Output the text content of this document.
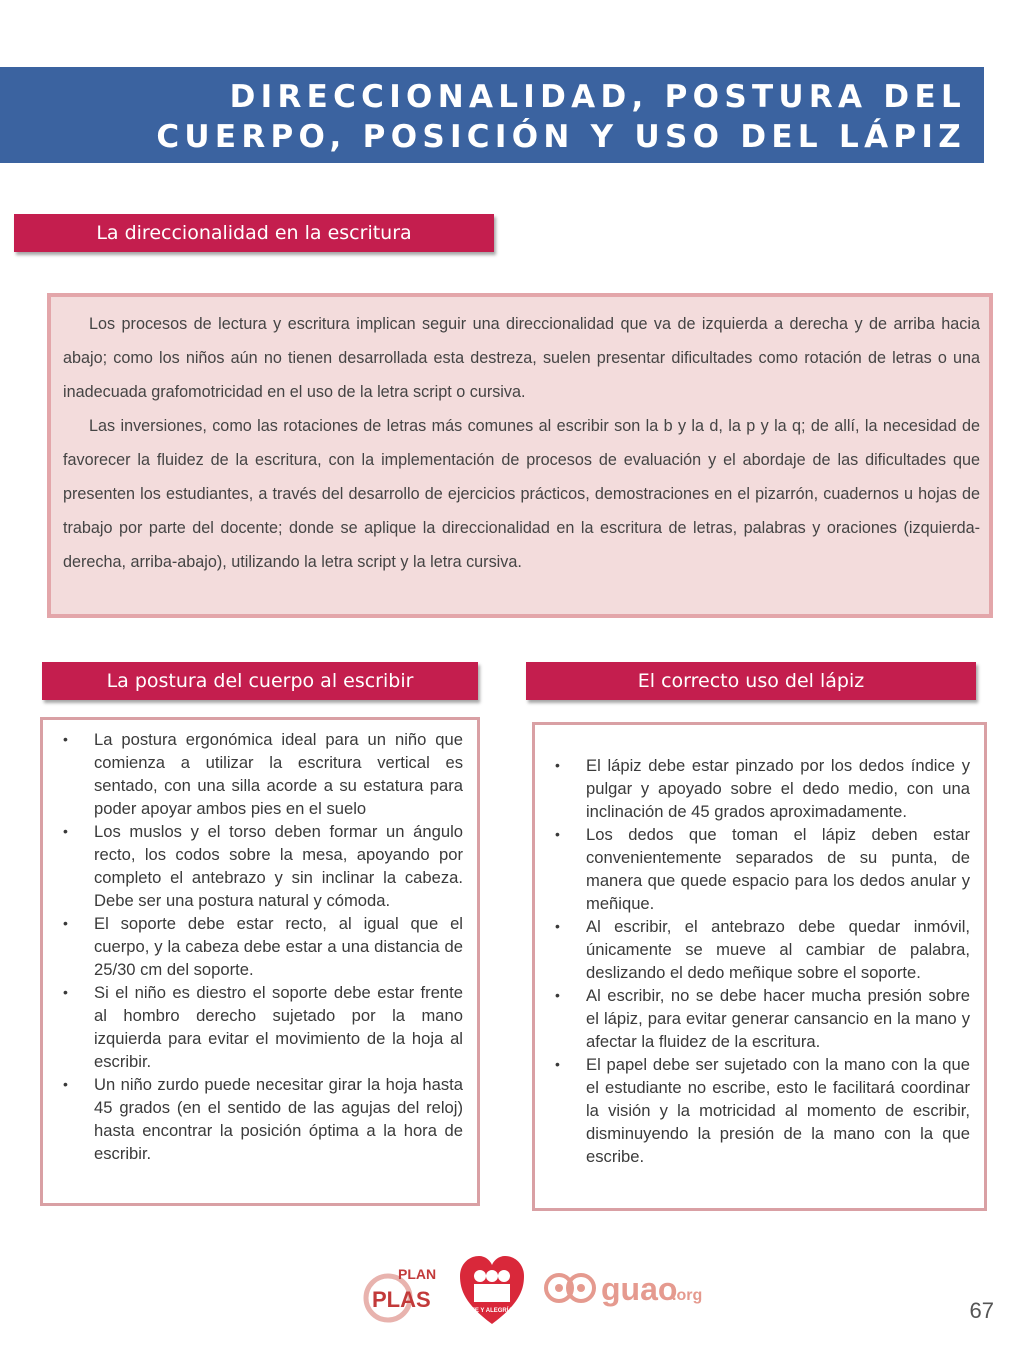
DIRECCIONALIDAD, POSTURA DEL
CUERPO, POSICIÓN Y USO DEL LÁPIZ
La direccionalidad en la escritura

Los procesos de lectura y escritura implican seguir una direccionalidad que va de izquierda a derecha y de arriba hacia abajo; como los niños aún no tienen desarrollada esta destreza, suelen presentar dificultades como rotación de letras o una inadecuada grafomotricidad en el uso de la letra script o cursiva.

Las inversiones, como las rotaciones de letras más comunes al escribir son la b y la d, la p y la q; de allí, la necesidad de favorecer la fluidez de la escritura, con la implementación de procesos de evaluación y el abordaje de las dificultades que presenten los estudiantes, a través del desarrollo de ejercicios prácticos, demostraciones en el pizarrón, cuadernos u hojas de trabajo por parte del docente; donde se aplique la direccionalidad en la escritura de letras, palabras y oraciones (izquierda-derecha, arriba-abajo), utilizando la letra script y la letra cursiva.

La postura del cuerpo al escribir	El correcto uso del lápiz
• La postura ergonómica ideal para un niño que comienza a utilizar la escritura vertical es sentado, con una silla acorde a su estatura para poder apoyar ambos pies en el suelo
• Los muslos y el torso deben formar un ángulo recto, los codos sobre la mesa, apoyando por completo el antebrazo y sin inclinar la cabeza. Debe ser una postura natural y cómoda.
• El soporte debe estar recto, al igual que el cuerpo, y la cabeza debe estar a una distancia de 25/30 cm del soporte.
• Si el niño es diestro el soporte debe estar frente al hombro derecho sujetado por la mano izquierda para evitar el movimiento de la hoja al escribir.
• Un niño zurdo puede necesitar girar la hoja hasta 45 grados (en el sentido de las agujas del reloj) hasta encontrar la posición óptima a la hora de escribir.
• El lápiz debe estar pinzado por los dedos índice y pulgar y apoyado sobre el dedo medio, con una inclinación de 45 grados aproximadamente.
• Los dedos que toman el lápiz deben estar convenientemente separados de su punta, de manera que quede espacio para los dedos anular y meñique.
• Al escribir, el antebrazo debe quedar inmóvil, únicamente se mueve al cambiar de palabra, deslizando el dedo meñique sobre el soporte.
• Al escribir, no se debe hacer mucha presión sobre el lápiz, para evitar generar cansancio en la mano y afectar la fluidez de la escritura.
• El papel debe ser sujetado con la mano con la que el estudiante no escribe, esto le facilitará coordinar la visión y la motricidad al momento de escribir, disminuyendo la presión de la mano con la que escribe.
PLAN
PLAS	FE Y ALEGRÍA
guao
.org
67
